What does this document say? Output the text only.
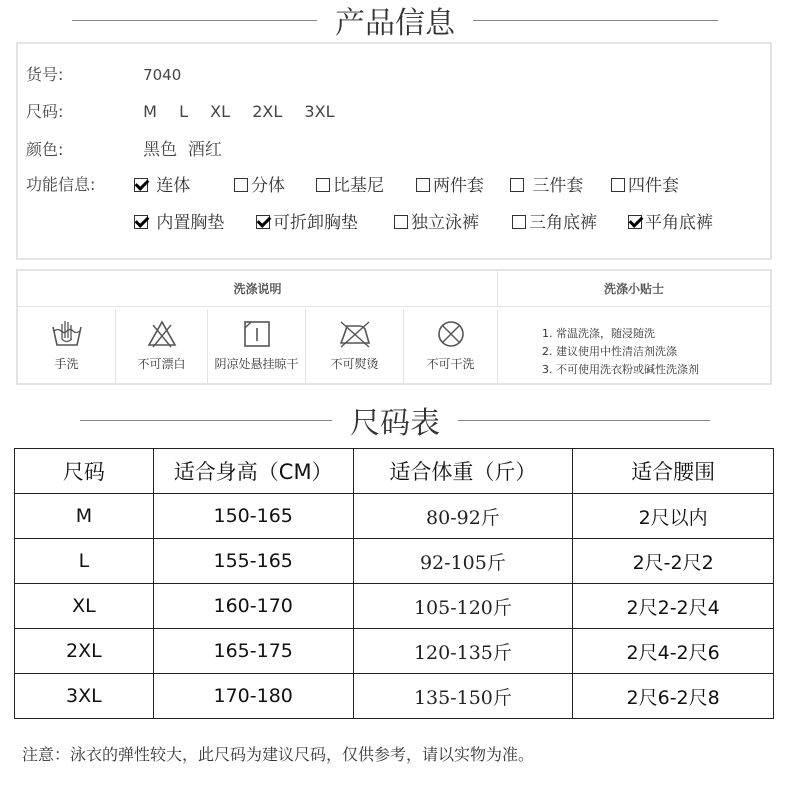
产品信息
货号:	7040
尺码:	M  L  XL  2XL  3XL
颜色:	黑色  酒红
功能信息:	连体	分体	比基尼	两件套	三件套	四件套
内置胸垫	可折卸胸垫	独立泳裤	三角底裤	平角底裤
洗涤说明	洗涤小贴士
手洗	不可漂白 阴凉处悬挂晾干	不可熨烫	不可干洗
1. 常温洗涤，随浸随洗
2. 建议使用中性清洁剂洗涤
3. 不可使用洗衣粉或碱性洗涤剂
尺码表
尺码	适合身高（CM）	适合体重（斤）	适合腰围
M	150-165	80-92斤	2尺以内
L	155-165	92-105斤	2尺-2尺2
XL	160-170	105-120斤	2尺2-2尺4
2XL	165-175	120-135斤	2尺4-2尺6
3XL	170-180	135-150斤	2尺6-2尺8
注意：泳衣的弹性较大，此尺码为建议尺码，仅供参考，请以实物为准。
